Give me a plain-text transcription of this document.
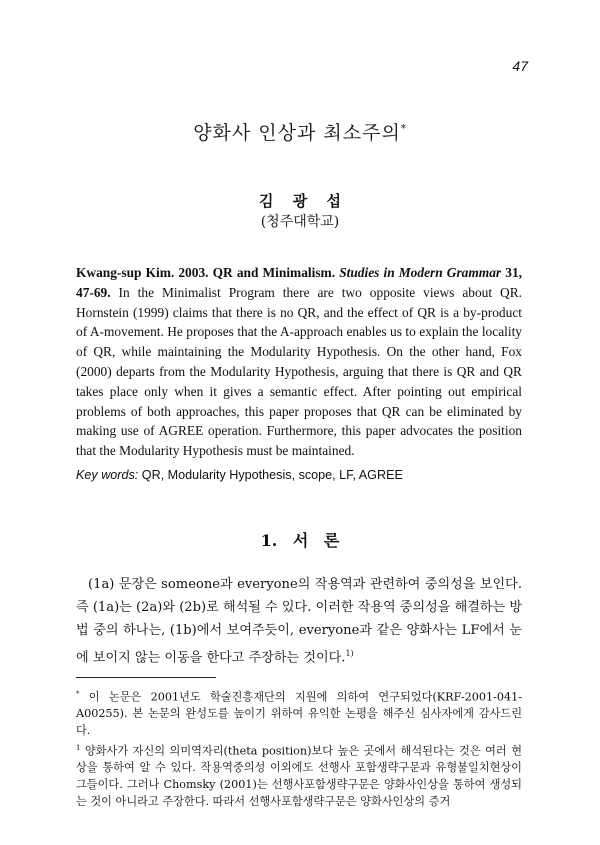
47
양화사 인상과 최소주의*
김 광 섭
(청주대학교)
Kwang-sup Kim. 2003. QR and Minimalism. Studies in Modern Grammar 31, 47-69. In the Minimalist Program there are two opposite views about QR. Hornstein (1999) claims that there is no QR, and the effect of QR is a by-product of A-movement. He proposes that the A-approach enables us to explain the locality of QR, while maintaining the Modularity Hypothesis. On the other hand, Fox (2000) departs from the Modularity Hypothesis, arguing that there is QR and QR takes place only when it gives a semantic effect. After pointing out empirical problems of both approaches, this paper proposes that QR can be eliminated by making use of AGREE operation. Furthermore, this paper advocates the position that the Modularity Hypothesis must be maintained.
Key words: QR, Modularity Hypothesis, scope, LF, AGREE
1. 서 론

(1a) 문장은 someone과 everyone의 작용역과 관련하여 중의성을 보인다. 즉 (1a)는 (2a)와 (2b)로 해석될 수 있다. 이러한 작용역 중의성을 해결하는 방법 중의 하나는, (1b)에서 보여주듯이, everyone과 같은 양화사는 LF에서 눈에 보이지 않는 이동을 한다고 주장하는 것이다.$^{1)}$

* 이 논문은 2001년도 학술진흥재단의 지원에 의하여 연구되었다(KRF-2001-041-A00255). 본 논문의 완성도를 높이기 위하여 유익한 논평을 해주신 심사자에게 감사드린다.
$^1$ 양화사가 자신의 의미역자리(theta position)보다 높은 곳에서 해석된다는 것은 여러 현상을 통하여 알 수 있다. 작용역중의성 이외에도 선행사 포함생략구문과 유형불일치현상이 그들이다. 그러나 Chomsky (2001)는 선행사포함생략구문은 양화사인상을 통하여 생성되는 것이 아니라고 주장한다. 따라서 선행사포함생략구문은 양화사인상의 증거
